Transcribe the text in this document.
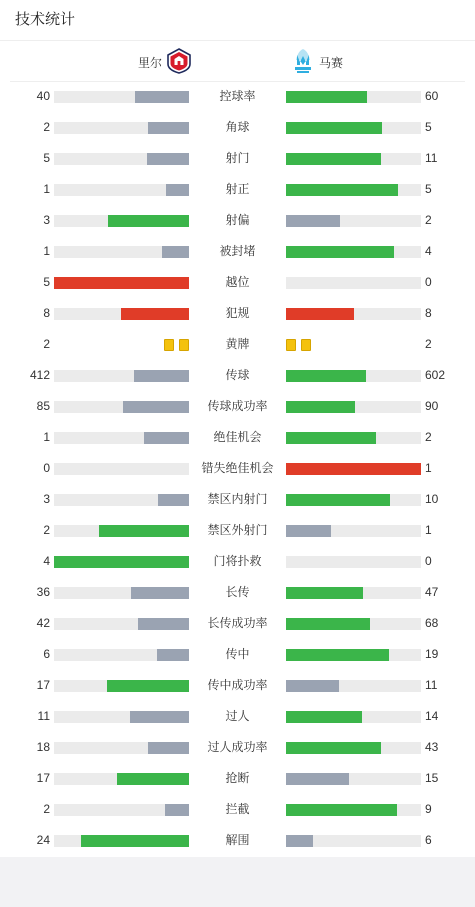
技术统计
里尔	马赛
40	控球率	60
2	角球	5
5	射门	11
1	射正	5
3	射偏	2
1	被封堵	4
5	越位	0
8	犯规	8
2	黄牌	2
412	传球	602
85	传球成功率	90
1	绝佳机会	2
0	错失绝佳机会	1
3	禁区内射门	10
2	禁区外射门	1
4	门将扑救	0
36	长传	47
42	长传成功率	68
6	传中	19
17	传中成功率	11
11	过人	14
18	过人成功率	43
17	抢断	15
2	拦截	9
24	解围	6
